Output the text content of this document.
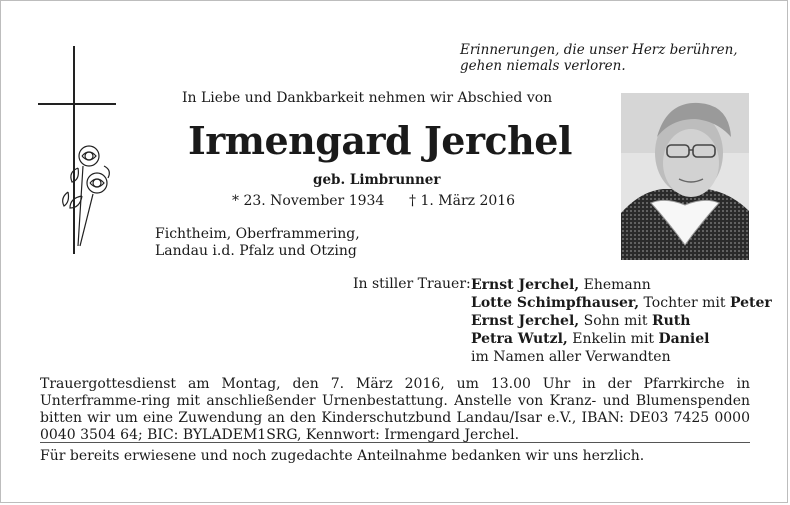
Erinnerungen, die unser Herz berühren,
gehen niemals verloren.
In Liebe und Dankbarkeit nehmen wir Abschied von
Irmengard Jerchel
geb. Limbrunner
* 23. November 1934 † 1. März 2016
Fichtheim, Oberframmering,
Landau i.d. Pfalz und Otzing
In stiller Trauer: Ernst Jerchel, Ehemann
Lotte Schimpfhauser, Tochter mit Peter
Ernst Jerchel, Sohn mit Ruth
Petra Wutzl, Enkelin mit Daniel
im Namen aller Verwandten
Trauergottesdienst am Montag, den 7. März 2016, um 13.00 Uhr in der Pfarrkirche in Unterframme-ring mit anschließender Urnenbestattung. Anstelle von Kranz- und Blumenspenden bitten wir um eine Zuwendung an den Kinderschutzbund Landau/Isar e.V., IBAN: DE03 7425 0000 0040 3504 64; BIC: BYLADEM1SRG, Kennwort: Irmengard Jerchel.
Für bereits erwiesene und noch zugedachte Anteilnahme bedanken wir uns herzlich.
